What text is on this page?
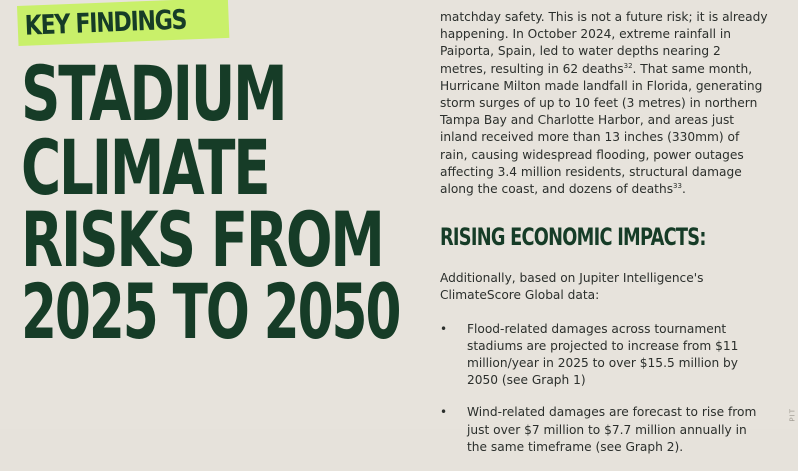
KEY FINDINGS
STADIUM
CLIMATE
RISKS FROM
2025 TO 2050

matchday safety. This is not a future risk; it is already happening. In October 2024, extreme rainfall in Paiporta, Spain, led to water depths nearing 2 metres, resulting in 62 deaths$^{32}$. That same month, Hurricane Milton made landfall in Florida, generating storm surges of up to 10 feet (3 metres) in northern Tampa Bay and Charlotte Harbor, and areas just inland received more than 13 inches (330mm) of rain, causing widespread flooding, power outages affecting 3.4 million residents, structural damage along the coast, and dozens of deaths$^{33}$.

RISING ECONOMIC IMPACTS:

Additionally, based on Jupiter Intelligence's ClimateScore Global data:

• Flood-related damages across tournament stadiums are projected to increase from $11 million/year in 2025 to over $15.5 million by 2050 (see Graph 1)
• Wind-related damages are forecast to rise from just over $7 million to $7.7 million annually in the same timeframe (see Graph 2).
PIT
